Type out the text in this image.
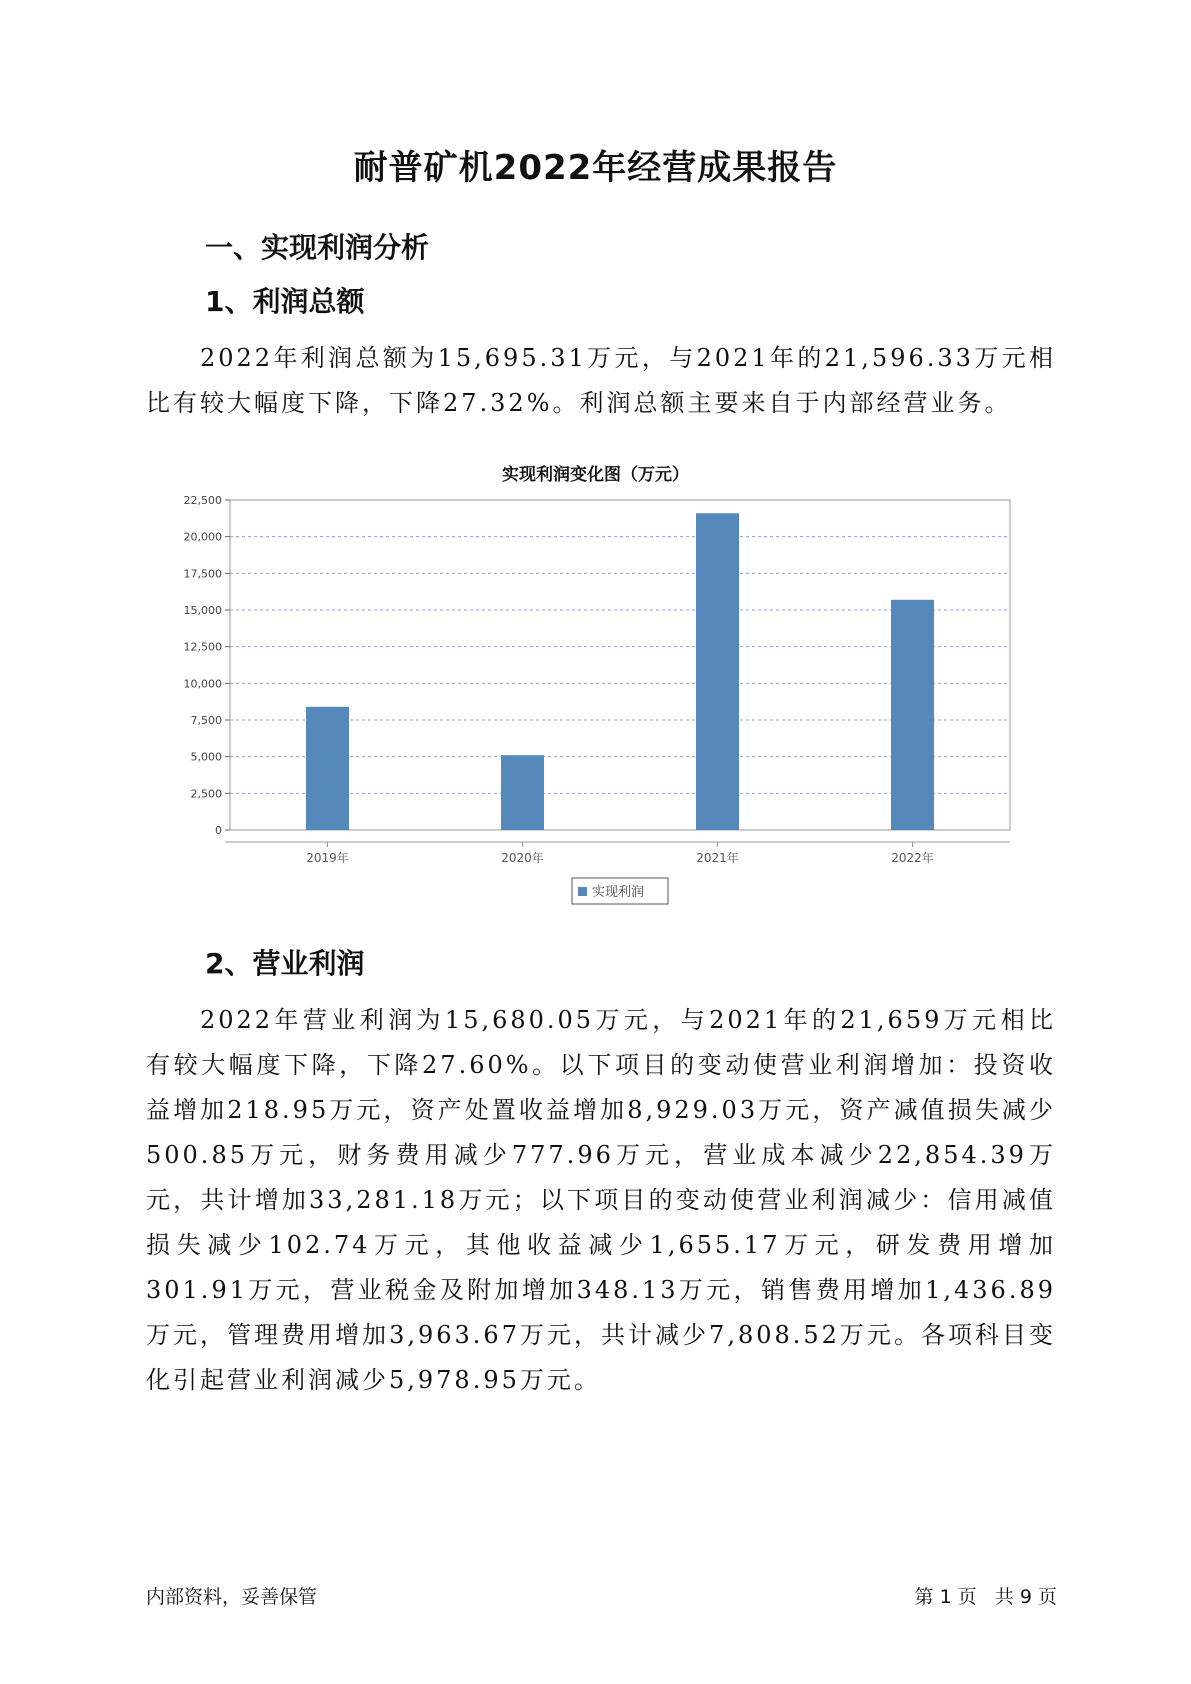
耐普矿机2022年经营成果报告
一、实现利润分析
1、利润总额

2022年利润总额为15,695.31万元，与2021年的21,596.33万元相比有较大幅度下降，下降27.32%。利润总额主要来自于内部经营业务。

实现利润变化图（万元）
0
2,500
5,000
7,500
10,000
12,500
15,000
17,500
20,000
22,500
2019年	2020年	2021年	2022年
实现利润
2、营业利润

2022年营业利润为15,680.05万元，与2021年的21,659万元相比有较大幅度下降，下降27.60%。以下项目的变动使营业利润增加：投资收益增加218.95万元，资产处置收益增加8,929.03万元，资产减值损失减少500.85万元，财务费用减少777.96万元，营业成本减少22,854.39万元，共计增加33,281.18万元；以下项目的变动使营业利润减少：信用减值损失减少102.74万元，其他收益减少1,655.17万元，研发费用增加301.91万元，营业税金及附加增加348.13万元，销售费用增加1,436.89万元，管理费用增加3,963.67万元，共计减少7,808.52万元。各项科目变化引起营业利润减少5,978.95万元。

内部资料，妥善保管	第 1 页   共 9 页
